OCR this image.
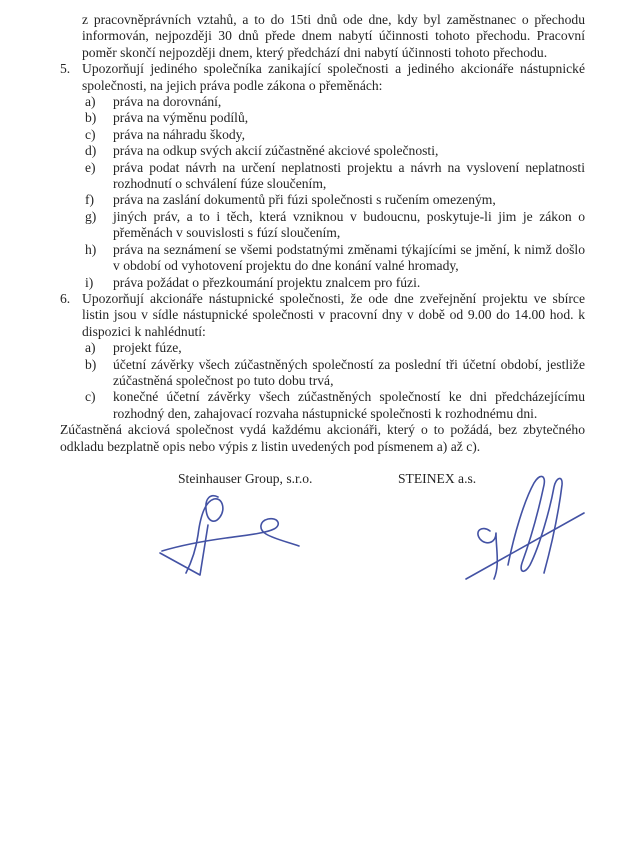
z pracovněprávních vztahů, a to do 15ti dnů ode dne, kdy byl zaměstnanec o přechodu informován, nejpozději 30 dnů přede dnem nabytí účinnosti tohoto přechodu. Pracovní poměr skončí nejpozději dnem, který předchází dni nabytí účinnosti tohoto přechodu.

5. Upozorňují jediného společníka zanikající společnosti a jediného akcionáře nástupnické společnosti, na jejich práva podle zákona o přeměnách:

a) práva na dorovnání,

b) práva na výměnu podílů,

c) práva na náhradu škody,

d) práva na odkup svých akcií zúčastněné akciové společnosti,

e) práva podat návrh na určení neplatnosti projektu a návrh na vyslovení neplatnosti rozhodnutí o schválení fúze sloučením,

f) práva na zaslání dokumentů při fúzi společnosti s ručením omezeným,

g) jiných práv, a to i těch, která vzniknou v budoucnu, poskytuje-li jim je zákon o přeměnách v souvislosti s fúzí sloučením,

h) práva na seznámení se všemi podstatnými změnami týkajícími se jmění, k nimž došlo v období od vyhotovení projektu do dne konání valné hromady,

i) práva požádat o přezkoumání projektu znalcem pro fúzi.

6. Upozorňují akcionáře nástupnické společnosti, že ode dne zveřejnění projektu ve sbírce listin jsou v sídle nástupnické společnosti v pracovní dny v době od 9.00 do 14.00 hod. k dispozici k nahlédnutí:

a) projekt fúze,

b) účetní závěrky všech zúčastněných společností za poslední tři účetní období, jestliže zúčastněná společnost po tuto dobu trvá,

c) konečné účetní závěrky všech zúčastněných společností ke dni předcházejícímu rozhodný den, zahajovací rozvaha nástupnické společnosti k rozhodnému dni.

Zúčastněná akciová společnost vydá každému akcionáři, který o to požádá, bez zbytečného odkladu bezplatně opis nebo výpis z listin uvedených pod písmenem a) až c).

Steinhauser Group, s.r.o.	STEINEX a.s.
